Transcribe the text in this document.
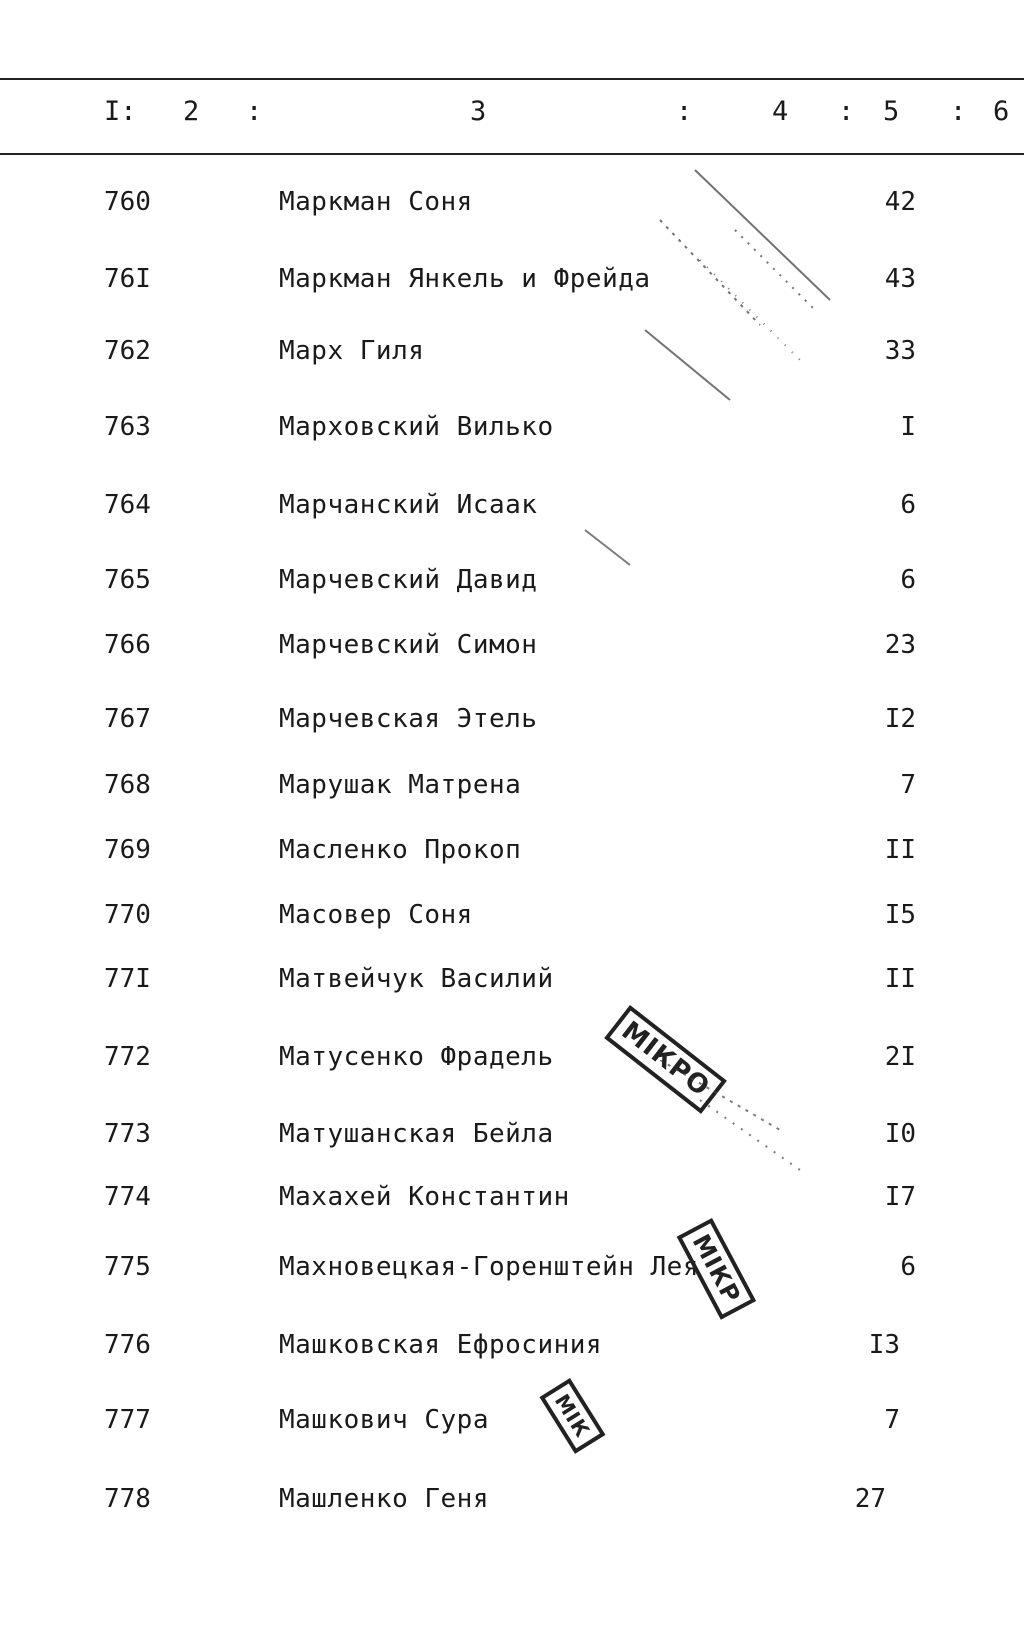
I: 2 :	3	:	4 : 5 : 6
760	Маркман Соня	42
76I	Маркман Янкель и Фрейда	43
762	Марх Гиля	33
763	Марховский Вилько	I
764	Марчанский Исаак	6
765	Марчевский Давид	6
766	Марчевский Симон	23
767	Марчевская Этель	I2
768	Марушак Матрена	7
769	Масленко Прокоп	II
770	Масовер Соня	I5
77I	Матвейчук Василий	II
772	Матусенко Фрадель	2I
773	Матушанская Бейла	I0
774	Махахей Константин	I7
775	Махновецкая-Горенштейн Лея	6
776	Машковская Ефросиния	I3
777	Машкович Сура	7
778	Машленко Геня	27
МІКРО
МІКР
МІК
